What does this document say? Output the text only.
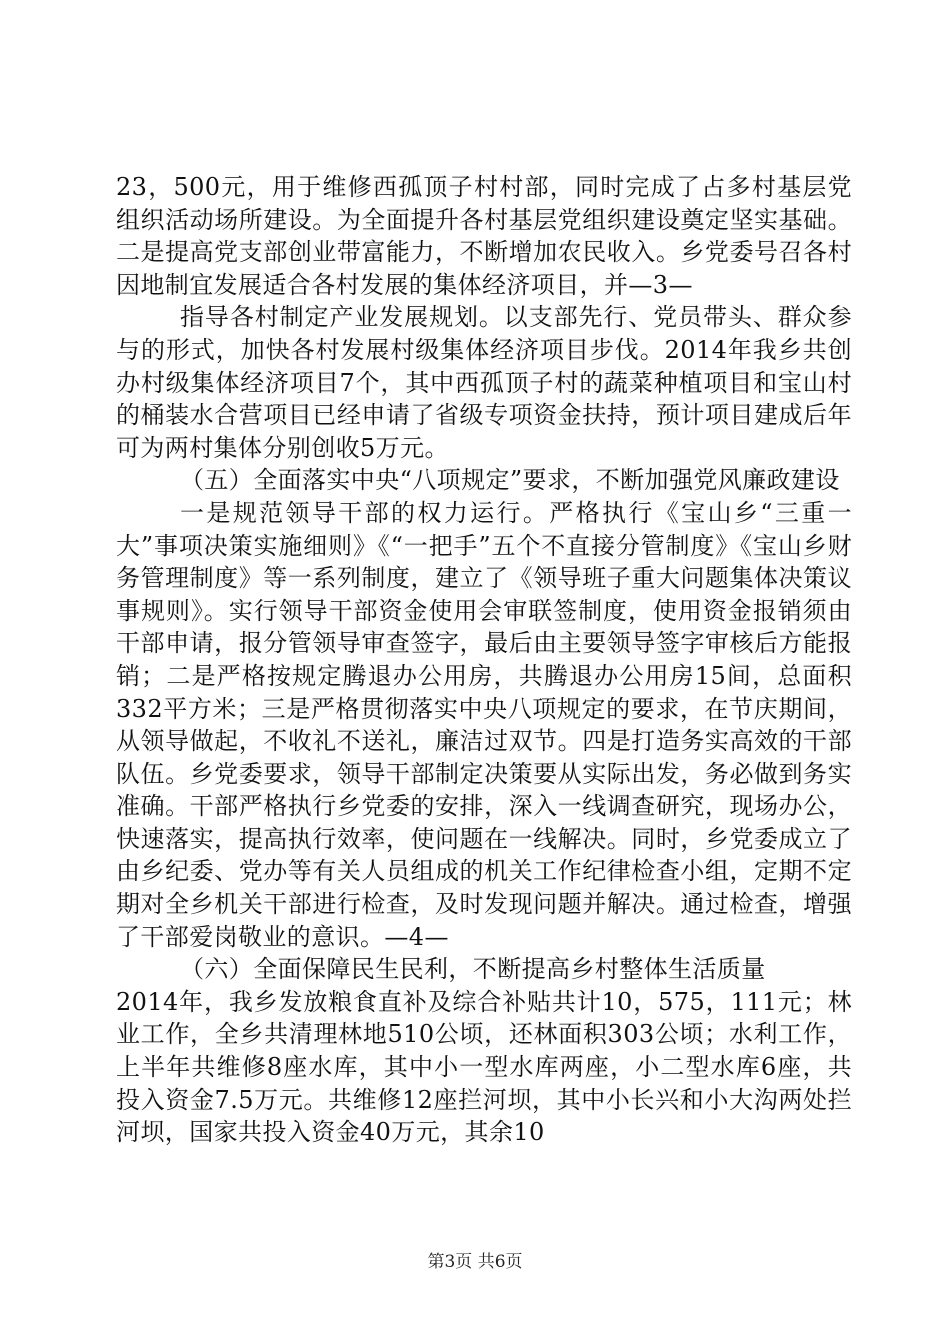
23，500元，用于维修西孤顶子村村部，同时完成了占多村基层党组织活动场所建设。为全面提升各村基层党组织建设奠定坚实基础。二是提高党支部创业带富能力，不断增加农民收入。乡党委号召各村因地制宜发展适合各村发展的集体经济项目，并—3—

指导各村制定产业发展规划。以支部先行、党员带头、群众参与的形式，加快各村发展村级集体经济项目步伐。2014年我乡共创办村级集体经济项目7个，其中西孤顶子村的蔬菜种植项目和宝山村的桶装水合营项目已经申请了省级专项资金扶持，预计项目建成后年可为两村集体分别创收5万元。

（五）全面落实中央“八项规定”要求，不断加强党风廉政建设

一是规范领导干部的权力运行。严格执行《宝山乡“三重一大”事项决策实施细则》《“一把手”五个不直接分管制度》《宝山乡财务管理制度》等一系列制度，建立了《领导班子重大问题集体决策议事规则》。实行领导干部资金使用会审联签制度，使用资金报销须由干部申请，报分管领导审查签字，最后由主要领导签字审核后方能报销；二是严格按规定腾退办公用房，共腾退办公用房15间，总面积332平方米；三是严格贯彻落实中央八项规定的要求，在节庆期间，从领导做起，不收礼不送礼，廉洁过双节。四是打造务实高效的干部队伍。乡党委要求，领导干部制定决策要从实际出发，务必做到务实准确。干部严格执行乡党委的安排，深入一线调查研究，现场办公，快速落实，提高执行效率，使问题在一线解决。同时，乡党委成立了由乡纪委、党办等有关人员组成的机关工作纪律检查小组，定期不定期对全乡机关干部进行检查，及时发现问题并解决。通过检查，增强了干部爱岗敬业的意识。—4—

（六）全面保障民生民利，不断提高乡村整体生活质量

2014年，我乡发放粮食直补及综合补贴共计10，575，111元；林业工作，全乡共清理林地510公顷，还林面积303公顷；水利工作，上半年共维修8座水库，其中小一型水库两座，小二型水库6座，共投入资金7.5万元。共维修12座拦河坝，其中小长兴和小大沟两处拦河坝，国家共投入资金40万元，其余10

第3页 共6页
